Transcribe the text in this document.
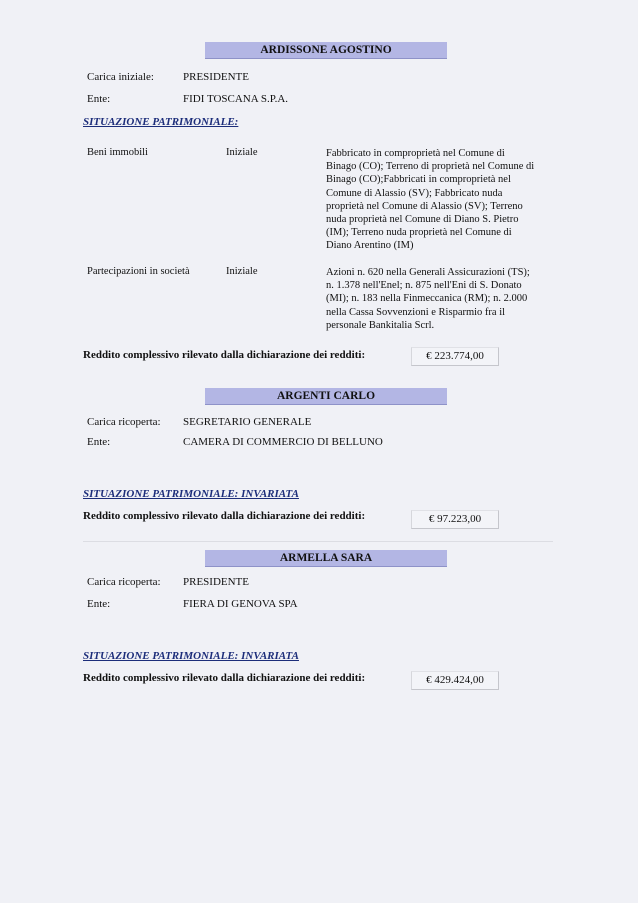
ARDISSONE AGOSTINO
Carica iniziale:	PRESIDENTE
Ente:	FIDI TOSCANA S.P.A.
SITUAZIONE PATRIMONIALE:
Beni immobili	Iniziale	Fabbricato in comproprietà nel Comune di
Binago (CO); Terreno di proprietà nel Comune di
Binago (CO);Fabbricati in comproprietà nel
Comune di Alassio (SV); Fabbricato nuda
proprietà nel Comune di Alassio (SV); Terreno
nuda proprietà nel Comune di Diano S. Pietro
(IM); Terreno nuda proprietà nel Comune di
Diano Arentino (IM)
Partecipazioni in società	Iniziale	Azioni n. 620 nella Generali Assicurazioni (TS);
n. 1.378 nell'Enel; n. 875 nell'Eni di S. Donato
(MI); n. 183 nella Finmeccanica (RM); n. 2.000
nella Cassa Sovvenzioni e Risparmio fra il
personale Bankitalia Scrl.
Reddito complessivo rilevato dalla dichiarazione dei redditi:	€ 223.774,00
ARGENTI CARLO
Carica ricoperta: SEGRETARIO GENERALE
Ente:	CAMERA DI COMMERCIO DI BELLUNO
SITUAZIONE PATRIMONIALE: INVARIATA
Reddito complessivo rilevato dalla dichiarazione dei redditi:	€ 97.223,00
ARMELLA SARA
Carica ricoperta: PRESIDENTE
Ente:	FIERA DI GENOVA SPA
SITUAZIONE PATRIMONIALE: INVARIATA
Reddito complessivo rilevato dalla dichiarazione dei redditi:	€ 429.424,00
